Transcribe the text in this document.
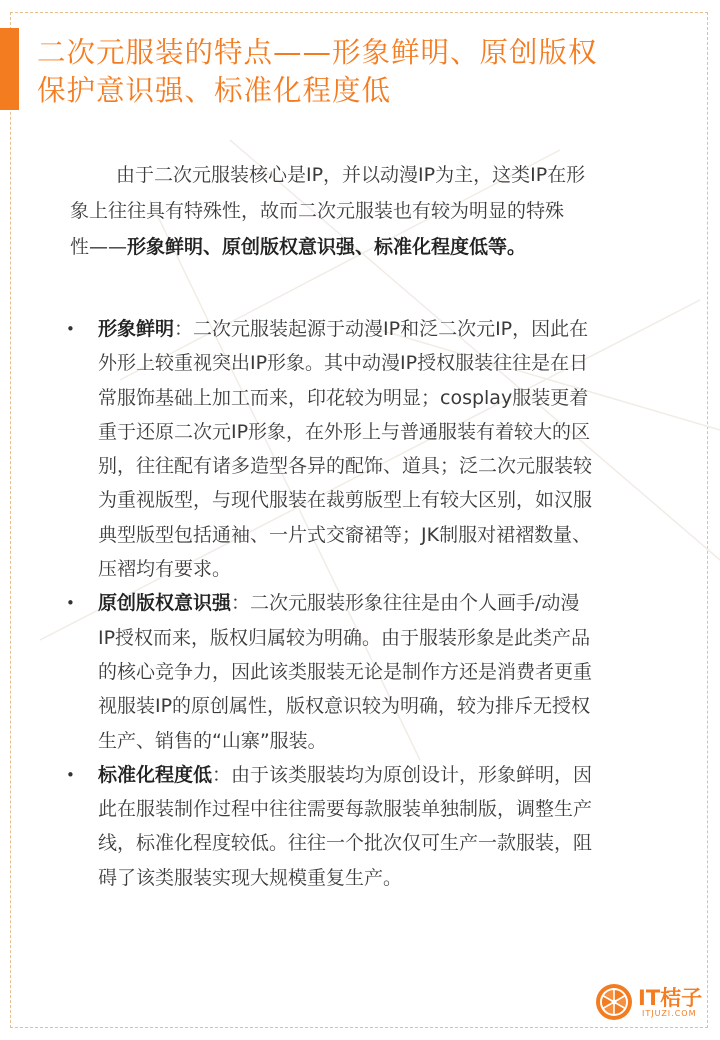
二次元服装的特点——形象鲜明、原创版权
保护意识强、标准化程度低

由于二次元服装核心是IP，并以动漫IP为主，这类IP在形
象上往往具有特殊性，故而二次元服装也有较为明显的特殊
性——形象鲜明、原创版权意识强、标准化程度低等。

• 形象鲜明：二次元服装起源于动漫IP和泛二次元IP，因此在
外形上较重视突出IP形象。其中动漫IP授权服装往往是在日
常服饰基础上加工而来，印花较为明显；cosplay服装更着
重于还原二次元IP形象，在外形上与普通服装有着较大的区
别，往往配有诸多造型各异的配饰、道具；泛二次元服装较
为重视版型，与现代服装在裁剪版型上有较大区别，如汉服
典型版型包括通袖、一片式交窬裙等；JK制服对裙褶数量、
压褶均有要求。
• 原创版权意识强：二次元服装形象往往是由个人画手/动漫
IP授权而来，版权归属较为明确。由于服装形象是此类产品
的核心竞争力，因此该类服装无论是制作方还是消费者更重
视服装IP的原创属性，版权意识较为明确，较为排斥无授权
生产、销售的“山寨”服装。
• 标准化程度低：由于该类服装均为原创设计，形象鲜明，因
此在服装制作过程中往往需要每款服装单独制版，调整生产
线，标准化程度较低。往往一个批次仅可生产一款服装，阻
碍了该类服装实现大规模重复生产。
IT桔子
ITJUZI.COM
